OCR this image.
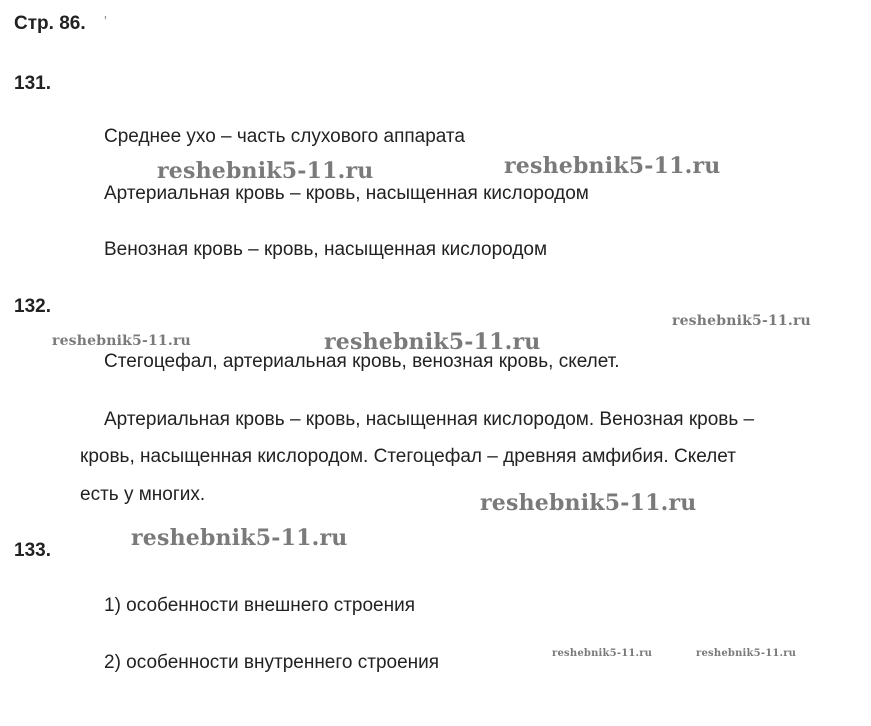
Стр. 86. '
131.
Среднее ухо – часть слухового аппарата
Артериальная кровь – кровь, насыщенная кислородом
Венозная кровь – кровь, насыщенная кислородом
132.
Стегоцефал, артериальная кровь, венозная кровь, скелет.
Артериальная кровь – кровь, насыщенная кислородом. Венозная кровь –
кровь, насыщенная кислородом. Стегоцефал – древняя амфибия. Скелет
есть у многих.
133.
1) особенности внешнего строения
2) особенности внутреннего строения
reshebnik5-11.ru	reshebnik5-11.ru
reshebnik5-11.ru	reshebnik5-11.ru
reshebnik5-11.ru
reshebnik5-11.ru
reshebnik5-11.ru
reshebnik5-11.ru	reshebnik5-11.ru
